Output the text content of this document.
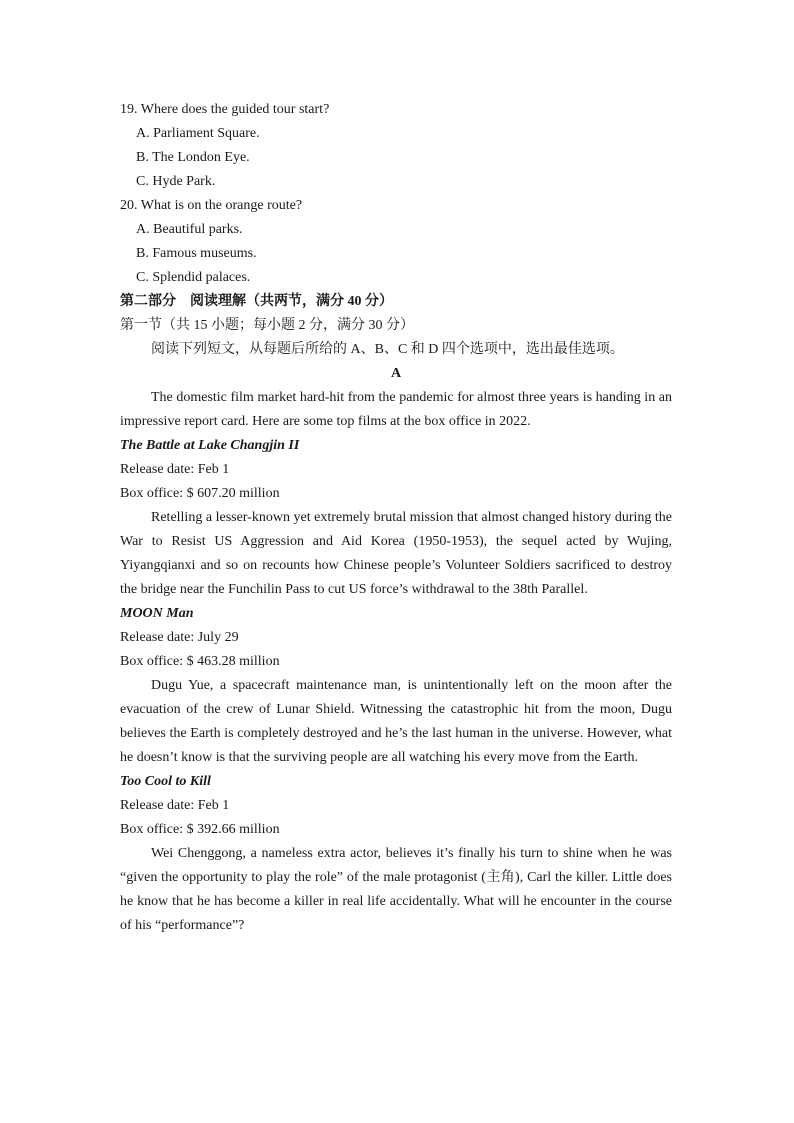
19. Where does the guided tour start?
A. Parliament Square.
B. The London Eye.
C. Hyde Park.
20. What is on the orange route?
A. Beautiful parks.
B. Famous museums.
C. Splendid palaces.
第二部分　阅读理解（共两节，满分 40 分）
第一节（共 15 小题；每小题 2 分，满分 30 分）
阅读下列短文，从每题后所给的 A、B、C 和 D 四个选项中，选出最佳选项。
A

The domestic film market hard-hit from the pandemic for almost three years is handing in an impressive report card. Here are some top films at the box office in 2022.

The Battle at Lake Changjin II
Release date: Feb 1
Box office: $ 607.20 million

Retelling a lesser-known yet extremely brutal mission that almost changed history during the War to Resist US Aggression and Aid Korea (1950-1953), the sequel acted by Wujing, Yiyangqianxi and so on recounts how Chinese people’s Volunteer Soldiers sacrificed to destroy the bridge near the Funchilin Pass to cut US force’s withdrawal to the 38th Parallel.

MOON Man
Release date: July 29
Box office: $ 463.28 million

Dugu Yue, a spacecraft maintenance man, is unintentionally left on the moon after the evacuation of the crew of Lunar Shield. Witnessing the catastrophic hit from the moon, Dugu believes the Earth is completely destroyed and he’s the last human in the universe. However, what he doesn’t know is that the surviving people are all watching his every move from the Earth.

Too Cool to Kill
Release date: Feb 1
Box office: $ 392.66 million

Wei Chenggong, a nameless extra actor, believes it’s finally his turn to shine when he was “given the opportunity to play the role” of the male protagonist (主角), Carl the killer. Little does he know that he has become a killer in real life accidentally. What will he encounter in the course of his “performance”?
